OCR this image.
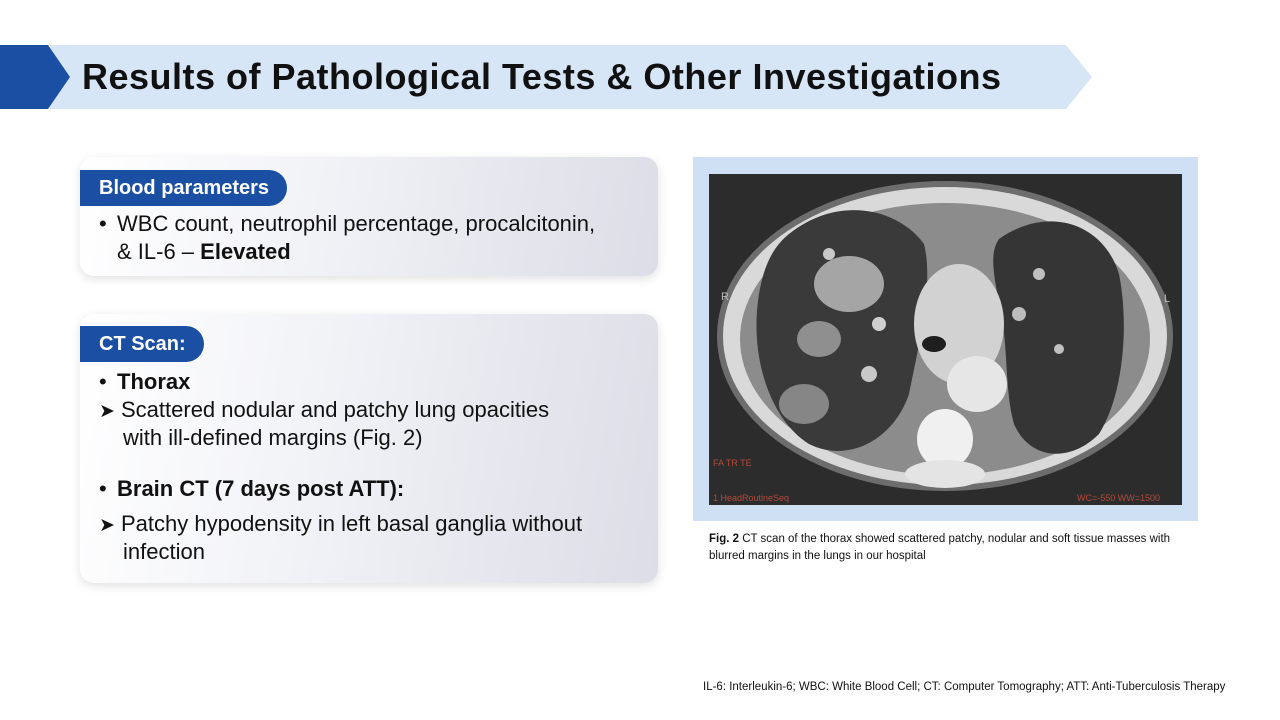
Results of Pathological Tests & Other Investigations
Blood parameters
• WBC count, neutrophil percentage, procalcitonin,
& IL-6 – Elevated
CT Scan:
• Thorax
➤ Scattered nodular and patchy lung opacities
with ill-defined margins (Fig. 2)
• Brain CT (7 days post ATT):
➤ Patchy hypodensity in left basal ganglia without
infection
R	L
FA TR TE
1 HeadRoutineSeq	WC=-550 WW=1500
Fig. 2 CT scan of the thorax showed scattered patchy, nodular and soft tissue masses with blurred margins in the lungs in our hospital
IL-6: Interleukin-6; WBC: White Blood Cell; CT: Computer Tomography; ATT: Anti-Tuberculosis Therapy
